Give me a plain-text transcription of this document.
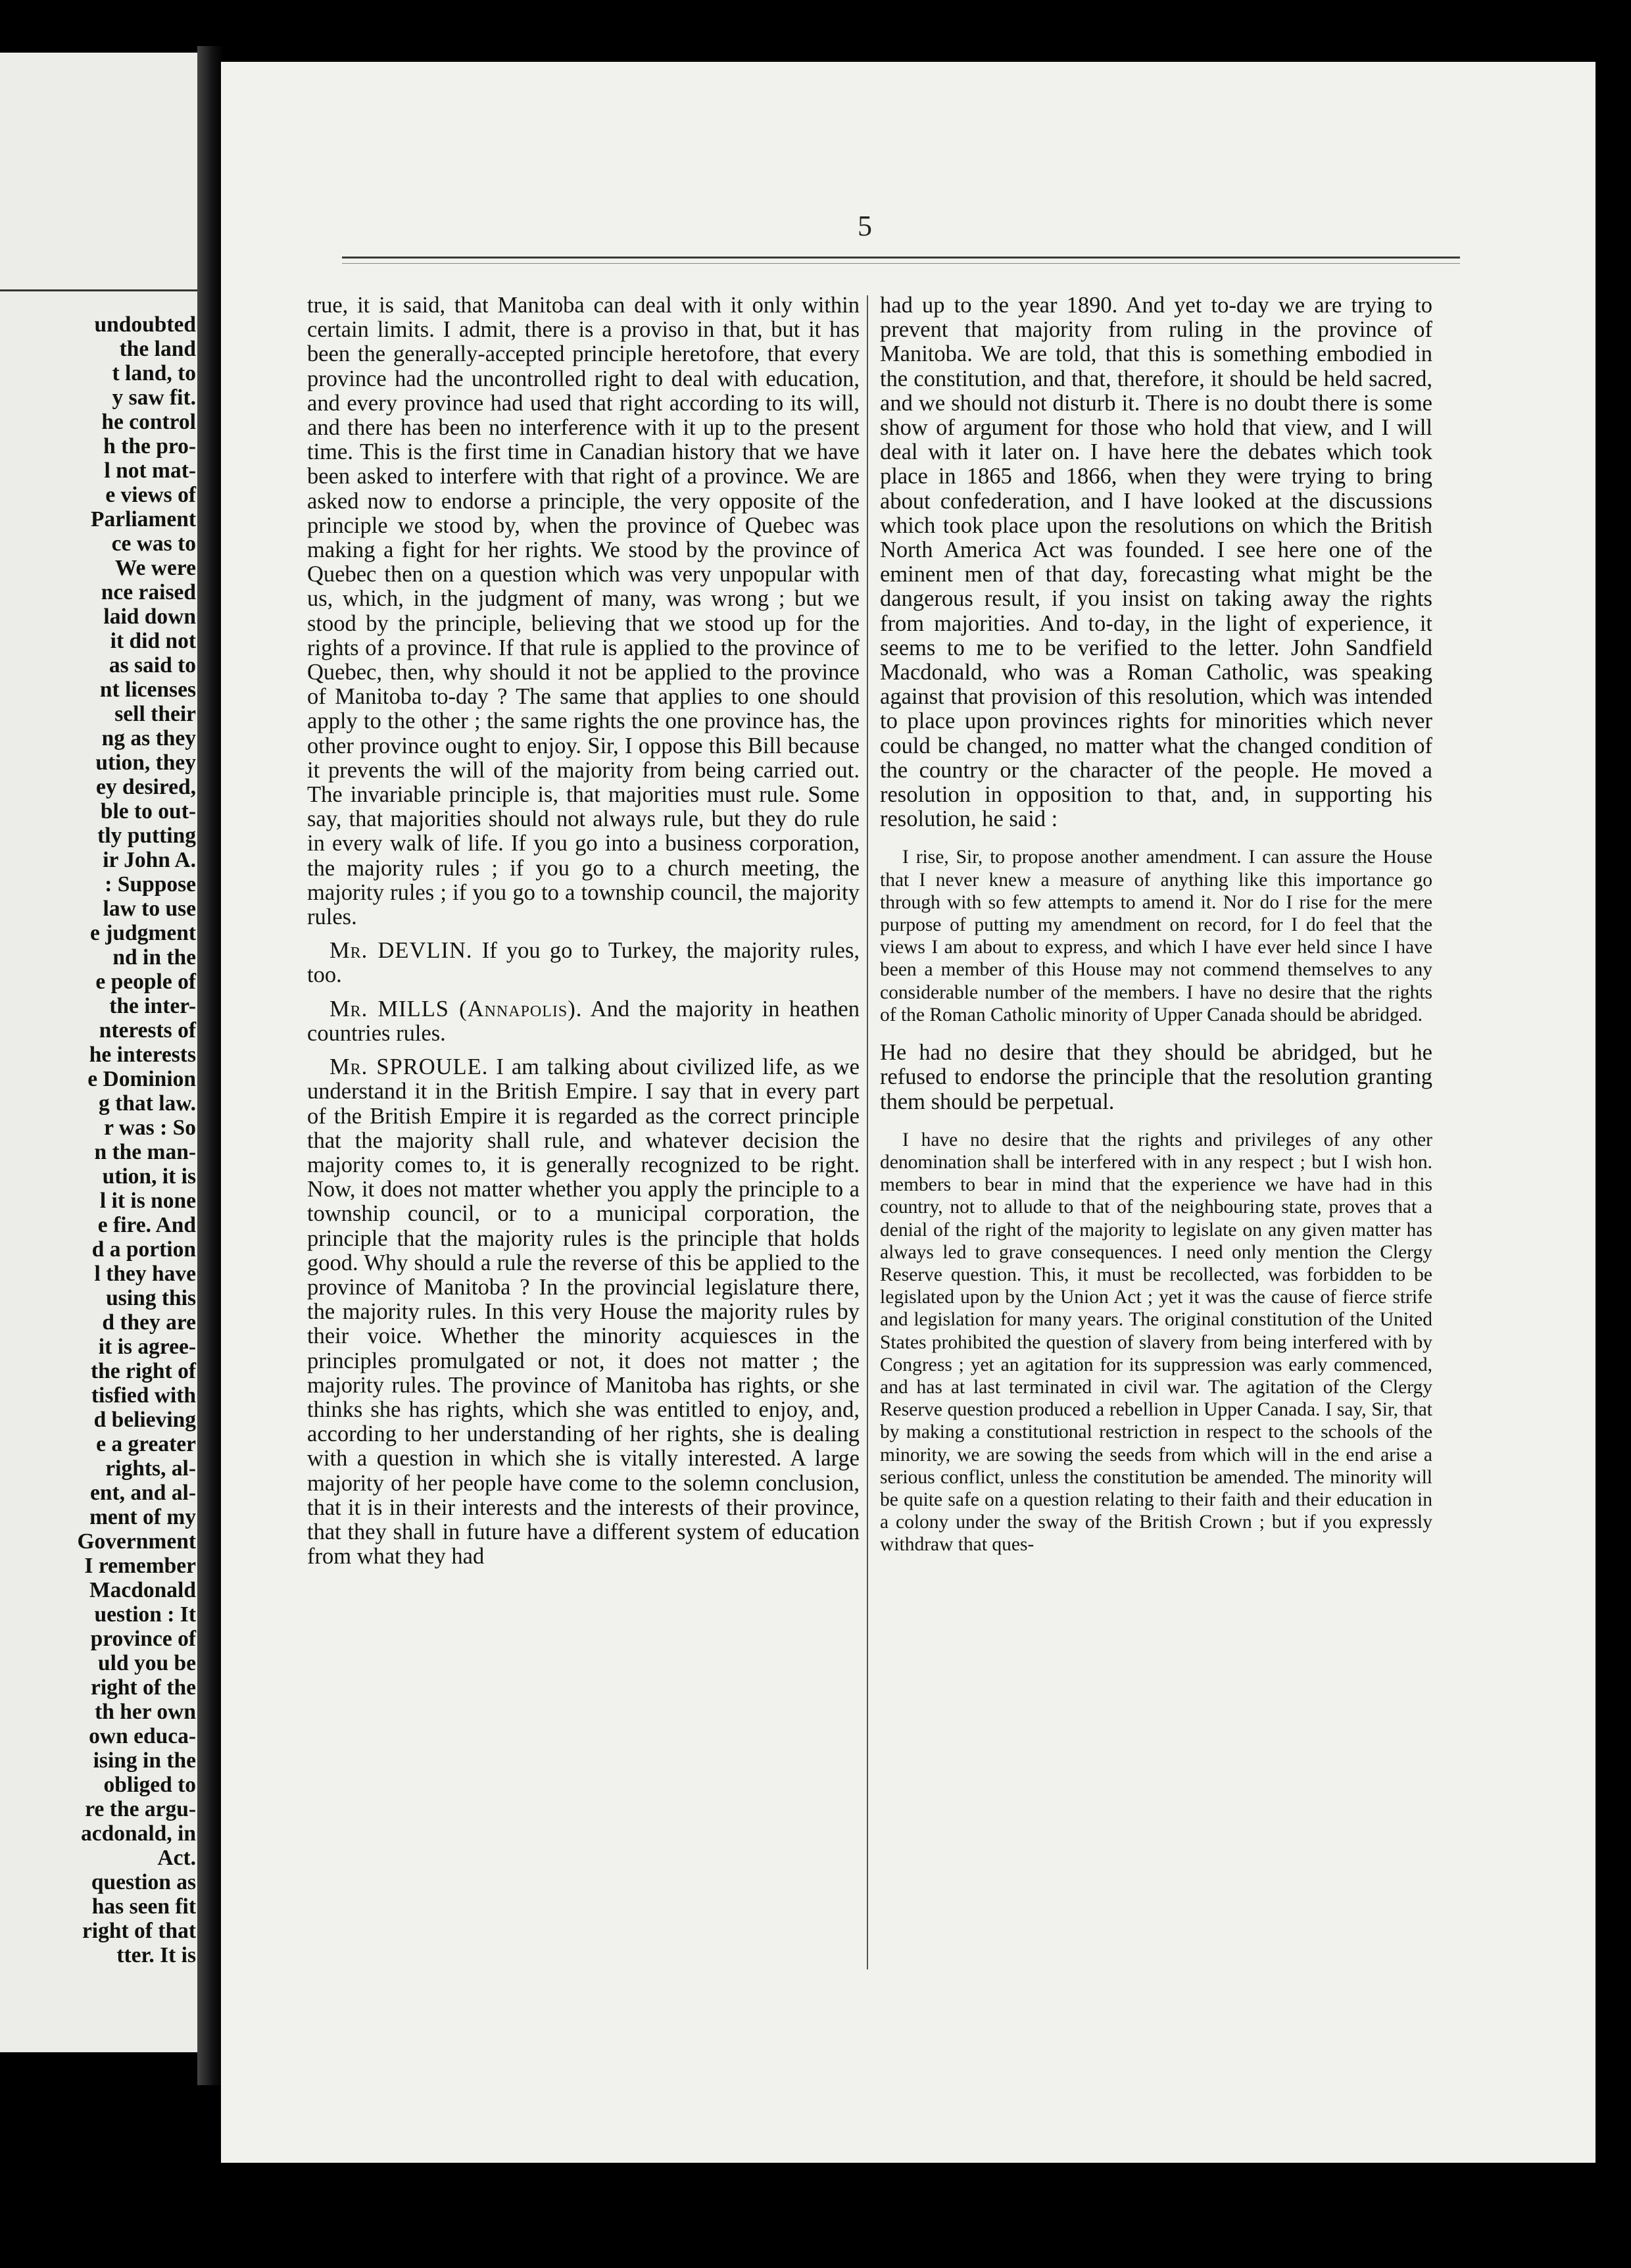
undoubted
the land
t land, to
y saw fit.
he control
h the pro-
l not mat-
e views of
Parliament
ce was to
We were
nce raised
laid down
it did not
as said to
nt licenses
sell their
ng as they
ution, they
ey desired,
ble to out-
tly putting
ir John A.
: Suppose
law to use
e judgment
nd in the
e people of
the inter-
nterests of
he interests
e Dominion
g that law.
r was : So
n the man-
ution, it is
l it is none
e fire. And
d a portion
l they have
using this
d they are
it is agree-
the right of
tisfied with
d believing
e a greater
rights, al-
ent, and al-
ment of my
Government
I remember
Macdonald
uestion : It
province of
uld you be
right of the
th her own
own educa-
ising in the
obliged to
re the argu-
acdonald, in
Act.
question as
has seen fit
right of that
tter. It is
5

true, it is said, that Manitoba can deal with it only within certain limits. I admit, there is a proviso in that, but it has been the generally-accepted principle heretofore, that every province had the uncontrolled right to deal with education, and every province had used that right according to its will, and there has been no interference with it up to the present time. This is the first time in Canadian history that we have been asked to interfere with that right of a province. We are asked now to endorse a principle, the very opposite of the principle we stood by, when the province of Quebec was making a fight for her rights. We stood by the province of Quebec then on a question which was very unpopular with us, which, in the judgment of many, was wrong ; but we stood by the principle, believing that we stood up for the rights of a province. If that rule is applied to the province of Quebec, then, why should it not be applied to the province of Manitoba to-day ? The same that applies to one should apply to the other ; the same rights the one province has, the other province ought to enjoy. Sir, I oppose this Bill because it prevents the will of the majority from being carried out. The invariable principle is, that majorities must rule. Some say, that majorities should not always rule, but they do rule in every walk of life. If you go into a business corporation, the majority rules ; if you go to a church meeting, the majority rules ; if you go to a township council, the majority rules.

Mr. DEVLIN. If you go to Turkey, the majority rules, too.

Mr. MILLS (Annapolis). And the majority in heathen countries rules.

Mr. SPROULE. I am talking about civilized life, as we understand it in the British Empire. I say that in every part of the British Empire it is regarded as the correct principle that the majority shall rule, and whatever decision the majority comes to, it is generally recognized to be right. Now, it does not matter whether you apply the principle to a township council, or to a municipal corporation, the principle that the majority rules is the principle that holds good. Why should a rule the reverse of this be applied to the province of Manitoba ? In the provincial legislature there, the majority rules. In this very House the majority rules by their voice. Whether the minority acquiesces in the principles promulgated or not, it does not matter ; the majority rules. The province of Manitoba has rights, or she thinks she has rights, which she was entitled to enjoy, and, according to her understanding of her rights, she is dealing with a question in which she is vitally interested. A large majority of her people have come to the solemn conclusion, that it is in their interests and the interests of their province, that they shall in future have a different system of education from what they had

had up to the year 1890. And yet to-day we are trying to prevent that majority from ruling in the province of Manitoba. We are told, that this is something embodied in the constitution, and that, therefore, it should be held sacred, and we should not disturb it. There is no doubt there is some show of argument for those who hold that view, and I will deal with it later on. I have here the debates which took place in 1865 and 1866, when they were trying to bring about confederation, and I have looked at the discussions which took place upon the resolutions on which the British North America Act was founded. I see here one of the eminent men of that day, forecasting what might be the dangerous result, if you insist on taking away the rights from majorities. And to-day, in the light of experience, it seems to me to be verified to the letter. John Sandfield Macdonald, who was a Roman Catholic, was speaking against that provision of this resolution, which was intended to place upon provinces rights for minorities which never could be changed, no matter what the changed condition of the country or the character of the people. He moved a resolution in opposition to that, and, in supporting his resolution, he said :

I rise, Sir, to propose another amendment. I can assure the House that I never knew a measure of anything like this importance go through with so few attempts to amend it. Nor do I rise for the mere purpose of putting my amendment on record, for I do feel that the views I am about to express, and which I have ever held since I have been a member of this House may not commend themselves to any considerable number of the members. I have no desire that the rights of the Roman Catholic minority of Upper Canada should be abridged.

He had no desire that they should be abridged, but he refused to endorse the principle that the resolution granting them should be perpetual.

I have no desire that the rights and privileges of any other denomination shall be interfered with in any respect ; but I wish hon. members to bear in mind that the experience we have had in this country, not to allude to that of the neighbouring state, proves that a denial of the right of the majority to legislate on any given matter has always led to grave consequences. I need only mention the Clergy Reserve question. This, it must be recollected, was forbidden to be legislated upon by the Union Act ; yet it was the cause of fierce strife and legislation for many years. The original constitution of the United States prohibited the question of slavery from being interfered with by Congress ; yet an agitation for its suppression was early commenced, and has at last terminated in civil war. The agitation of the Clergy Reserve question produced a rebellion in Upper Canada. I say, Sir, that by making a constitutional restriction in respect to the schools of the minority, we are sowing the seeds from which will in the end arise a serious conflict, unless the constitution be amended. The minority will be quite safe on a question relating to their faith and their education in a colony under the sway of the British Crown ; but if you expressly withdraw that ques-
